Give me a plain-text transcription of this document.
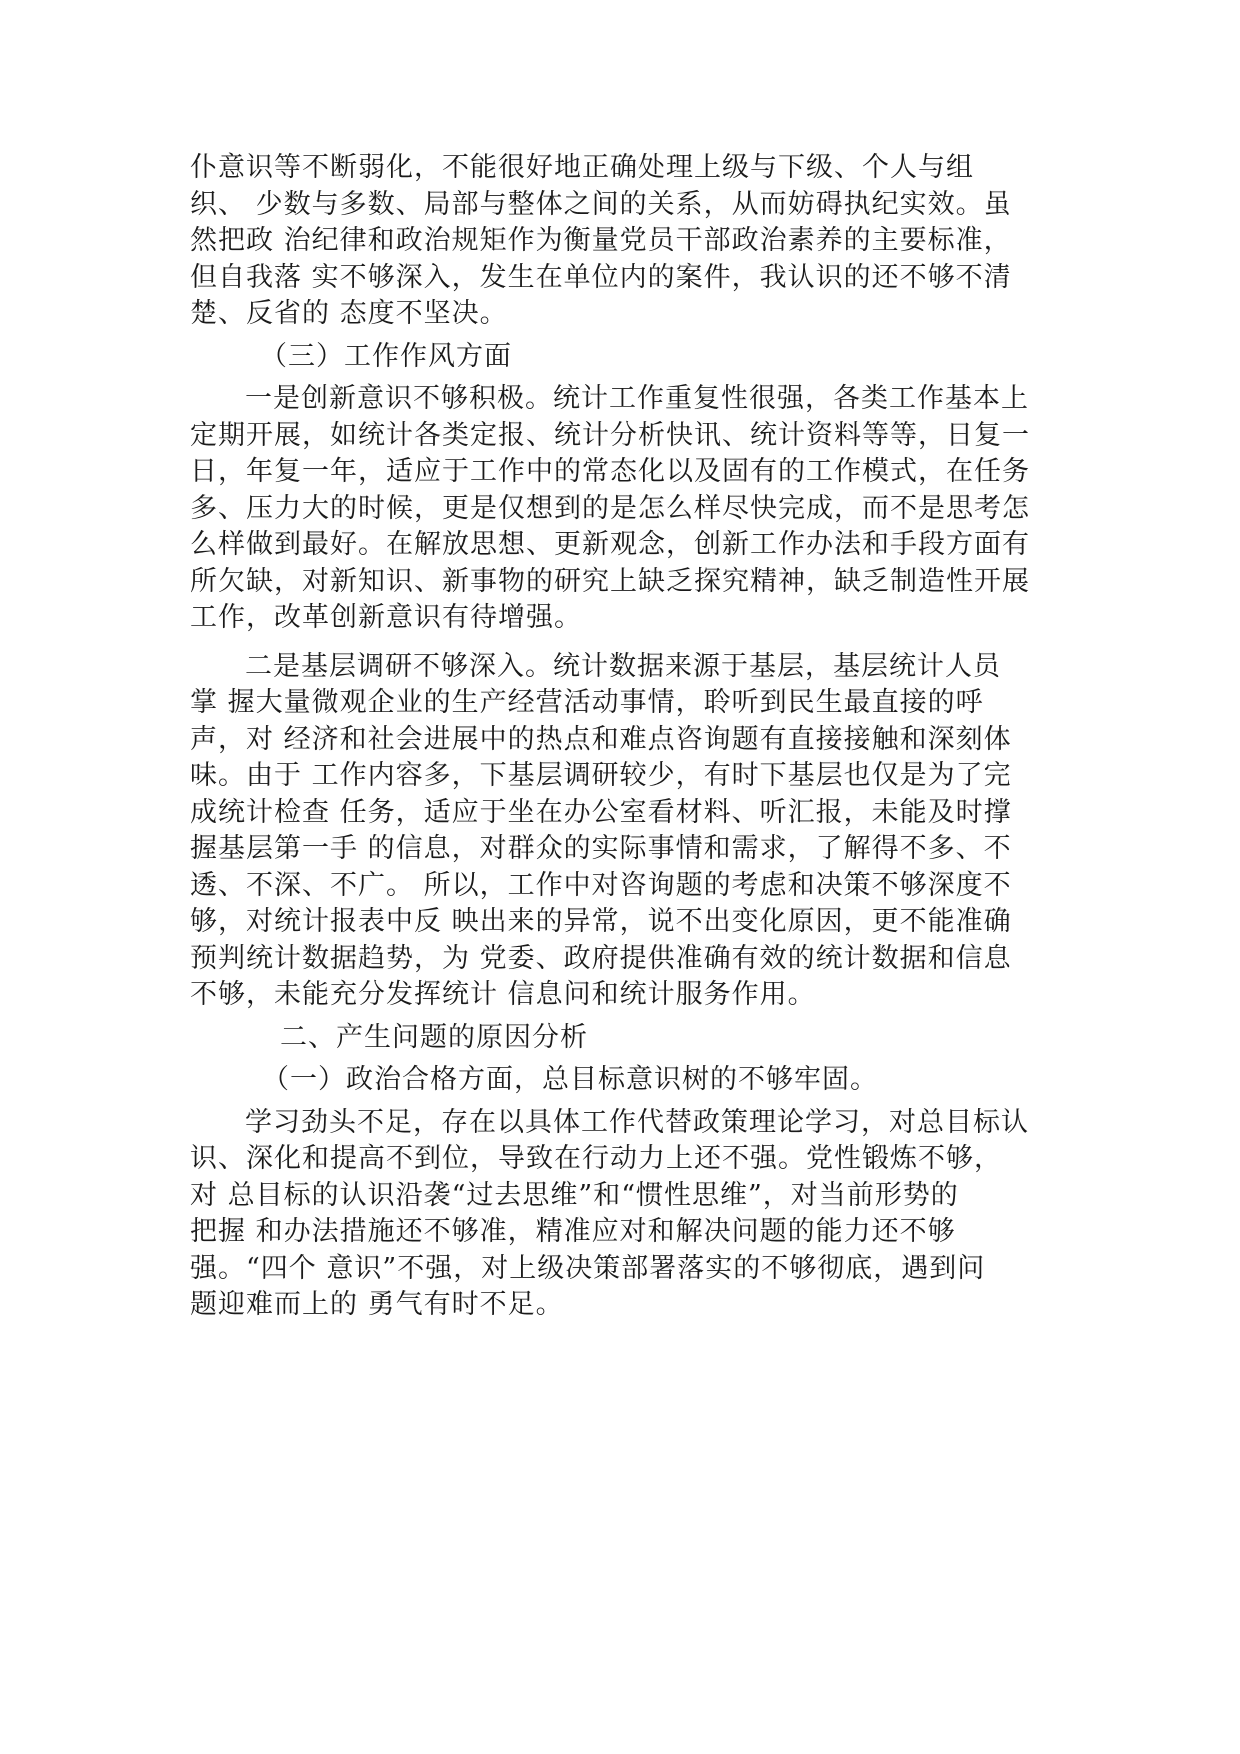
仆意识等不断弱化，不能很好地正确处理上级与下级、个人与组
织、 少数与多数、局部与整体之间的关系，从而妨碍执纪实效。虽
然把政 治纪律和政治规矩作为衡量党员干部政治素养的主要标准，
但自我落 实不够深入，发生在单位内的案件，我认识的还不够不清
楚、反省的 态度不坚决。
（三）工作作风方面
一是创新意识不够积极。统计工作重复性很强，各类工作基本上
定期开展，如统计各类定报、统计分析快讯、统计资料等等，日复一
日，年复一年，适应于工作中的常态化以及固有的工作模式，在任务
多、压力大的时候，更是仅想到的是怎么样尽快完成，而不是思考怎
么样做到最好。在解放思想、更新观念，创新工作办法和手段方面有
所欠缺，对新知识、新事物的研究上缺乏探究精神，缺乏制造性开展
工作，改革创新意识有待增强。
二是基层调研不够深入。统计数据来源于基层，基层统计人员
掌 握大量微观企业的生产经营活动事情，聆听到民生最直接的呼
声，对 经济和社会进展中的热点和难点咨询题有直接接触和深刻体
味。由于 工作内容多，下基层调研较少，有时下基层也仅是为了完
成统计检查 任务，适应于坐在办公室看材料、听汇报，未能及时撑
握基层第一手 的信息，对群众的实际事情和需求，了解得不多、不
透、不深、不广。 所以，工作中对咨询题的考虑和决策不够深度不
够，对统计报表中反 映出来的异常，说不出变化原因，更不能准确
预判统计数据趋势，为 党委、政府提供准确有效的统计数据和信息
不够，未能充分发挥统计 信息问和统计服务作用。
二、产生问题的原因分析
（一）政治合格方面，总目标意识树的不够牢固。
学习劲头不足，存在以具体工作代替政策理论学习，对总目标认
识、深化和提高不到位，导致在行动力上还不强。党性锻炼不够，
对 总目标的认识沿袭“过去思维”和“惯性思维”，对当前形势的
把握 和办法措施还不够准，精准应对和解决问题的能力还不够
强。“四个 意识”不强，对上级决策部署落实的不够彻底，遇到问
题迎难而上的 勇气有时不足。
